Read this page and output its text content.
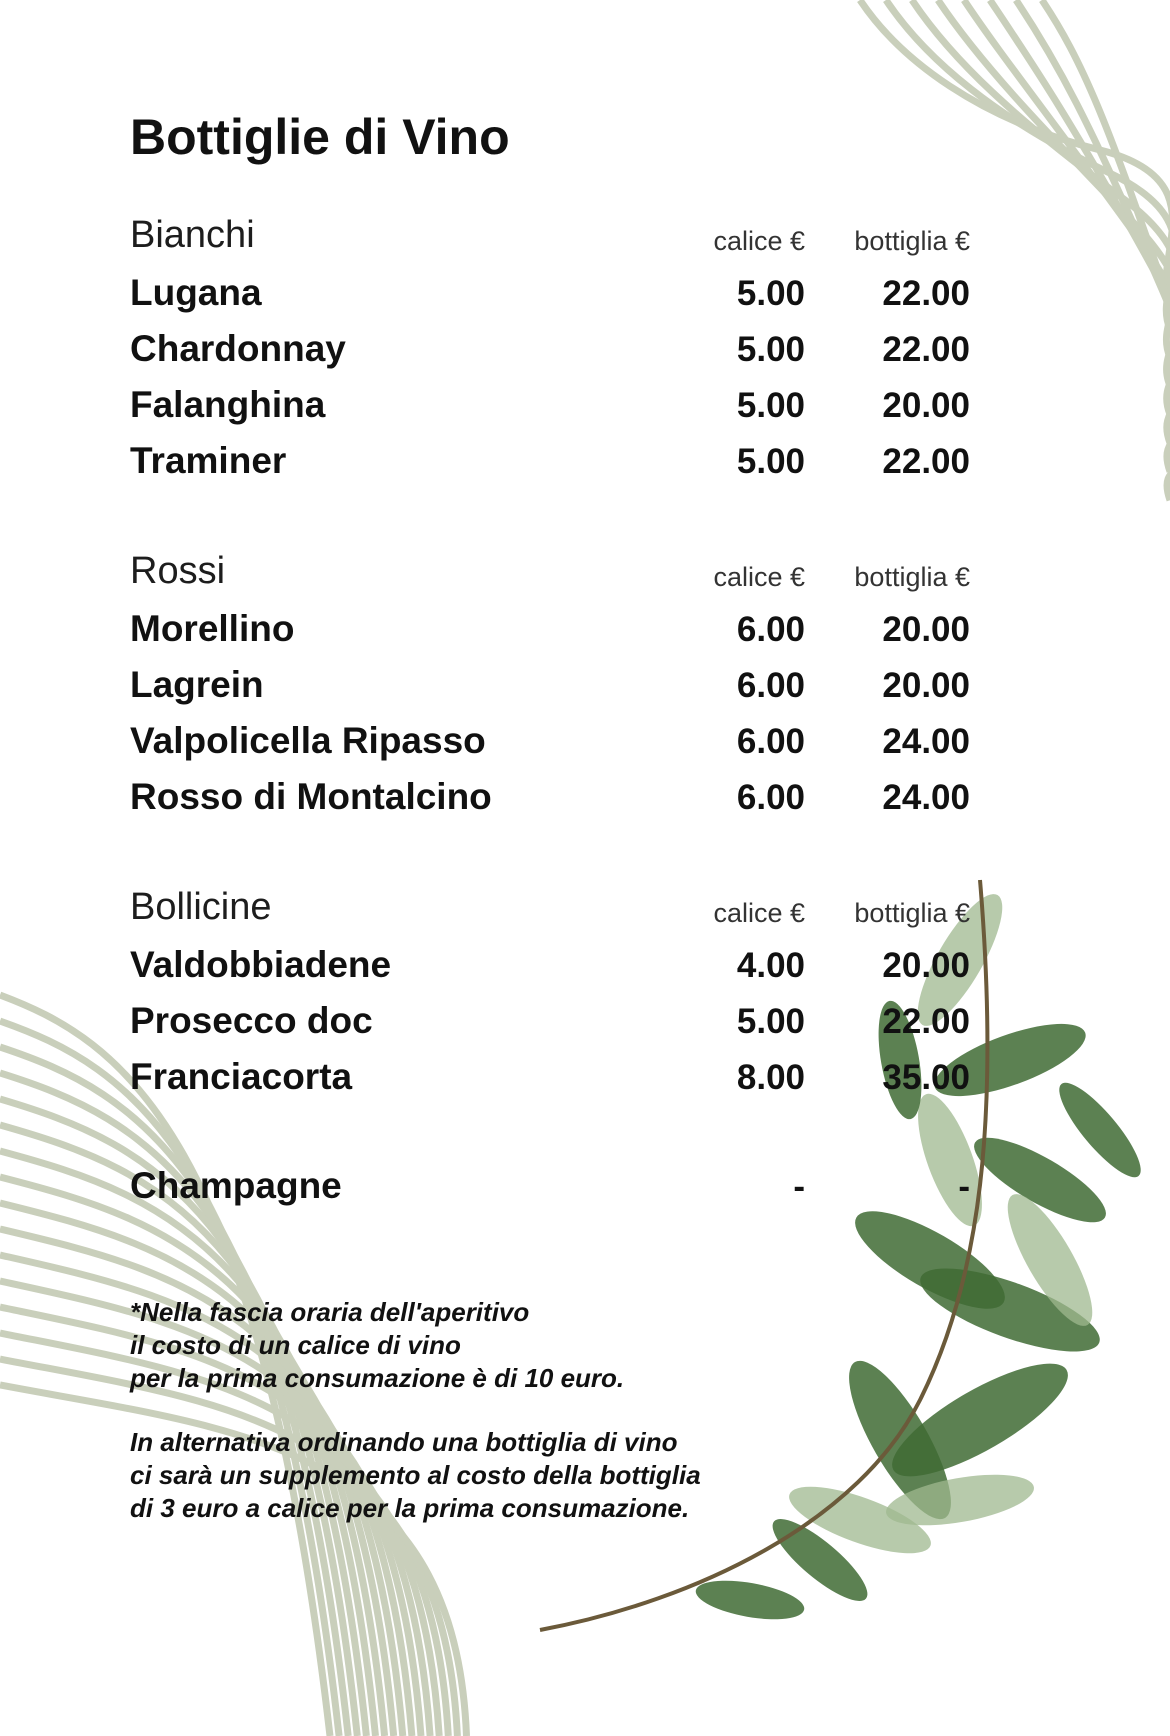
Bottiglie di Vino
Bianchi	calice €	bottiglia €
Lugana	5.00	22.00
Chardonnay	5.00	22.00
Falanghina	5.00	20.00
Traminer	5.00	22.00
Rossi	calice €	bottiglia €
Morellino	6.00	20.00
Lagrein	6.00	20.00
Valpolicella Ripasso	6.00	24.00
Rosso di Montalcino	6.00	24.00
Bollicine	calice €	bottiglia €
Valdobbiadene	4.00	20.00
Prosecco doc	5.00	22.00
Franciacorta	8.00	35.00
Champagne	-	-

*Nella fascia oraria dell'aperitivo
il costo di un calice di vino
per la prima consumazione è di 10 euro.

In alternativa ordinando una bottiglia di vino
ci sarà un supplemento al costo della bottiglia
di 3 euro a calice per la prima consumazione.
